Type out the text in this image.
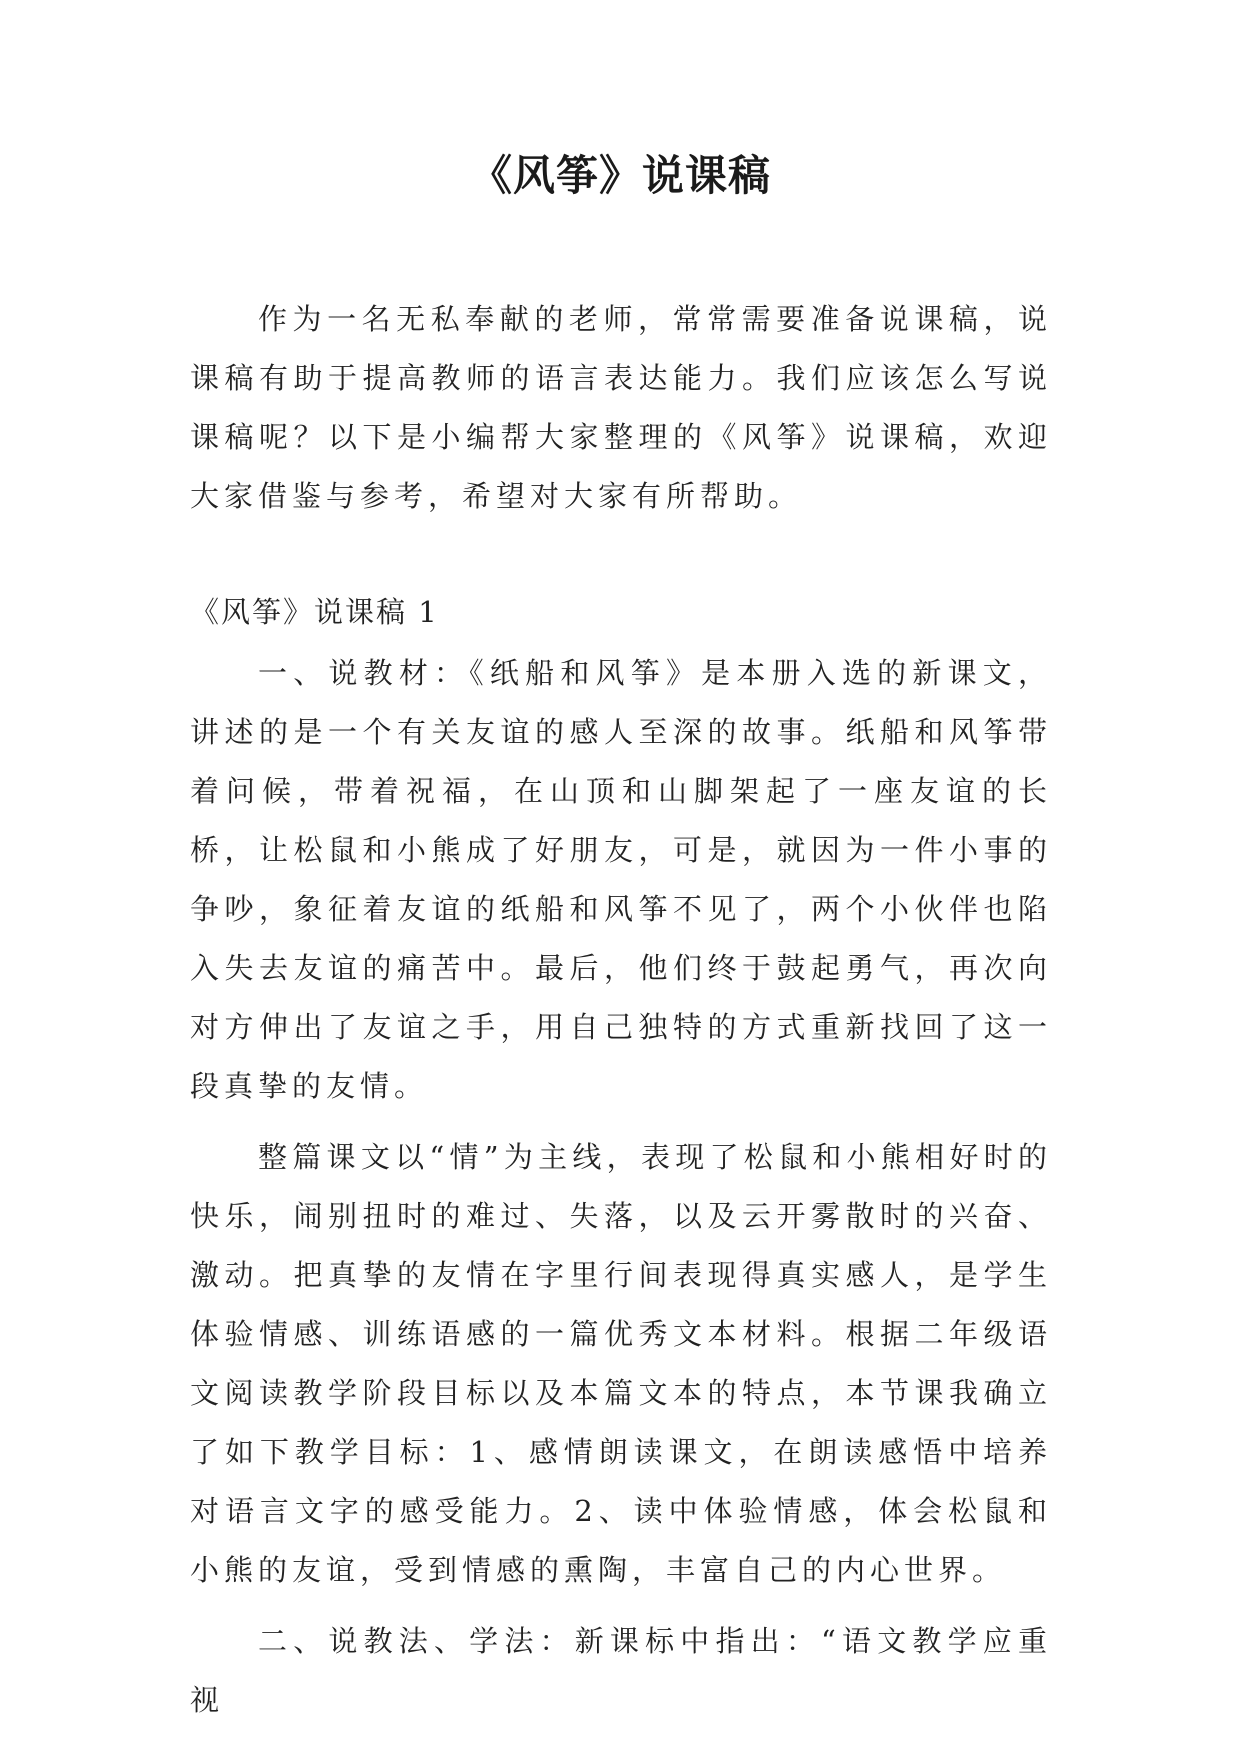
《风筝》说课稿

作为一名无私奉献的老师，常常需要准备说课稿，说课稿有助于提高教师的语言表达能力。我们应该怎么写说课稿呢？以下是小编帮大家整理的《风筝》说课稿，欢迎大家借鉴与参考，希望对大家有所帮助。

《风筝》说课稿 1

一、说教材：《纸船和风筝》是本册入选的新课文，讲述的是一个有关友谊的感人至深的故事。纸船和风筝带着问候，带着祝福，在山顶和山脚架起了一座友谊的长桥，让松鼠和小熊成了好朋友，可是，就因为一件小事的争吵，象征着友谊的纸船和风筝不见了，两个小伙伴也陷入失去友谊的痛苦中。最后，他们终于鼓起勇气，再次向对方伸出了友谊之手，用自己独特的方式重新找回了这一段真挚的友情。

整篇课文以“情”为主线，表现了松鼠和小熊相好时的快乐，闹别扭时的难过、失落，以及云开雾散时的兴奋、激动。把真挚的友情在字里行间表现得真实感人，是学生体验情感、训练语感的一篇优秀文本材料。根据二年级语文阅读教学阶段目标以及本篇文本的特点，本节课我确立了如下教学目标：1、感情朗读课文，在朗读感悟中培养对语言文字的感受能力。2、读中体验情感，体会松鼠和小熊的友谊，受到情感的熏陶，丰富自己的内心世界。

二、说教法、学法：新课标中指出：“语文教学应重视
